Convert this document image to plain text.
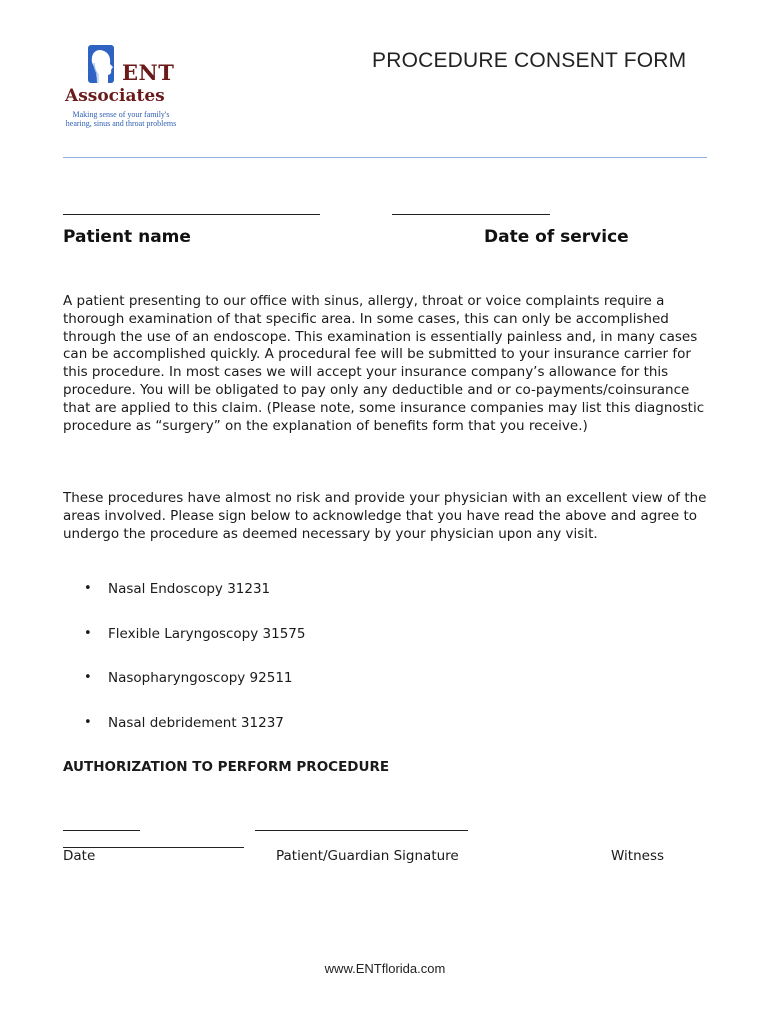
ENT
Associates
Making sense of your family's hearing, sinus and throat problems
PROCEDURE CONSENT FORM
Patient name	Date of service
A patient presenting to our office with sinus, allergy, throat or voice complaints require a thorough examination of that specific area. In some cases, this can only be accomplished through the use of an endoscope. This examination is essentially painless and, in many cases can be accomplished quickly. A procedural fee will be submitted to your insurance carrier for this procedure. In most cases we will accept your insurance company’s allowance for this procedure. You will be obligated to pay only any deductible and or co-payments/coinsurance that are applied to this claim. (Please note, some insurance companies may list this diagnostic procedure as “surgery” on the explanation of benefits form that you receive.)
These procedures have almost no risk and provide your physician with an excellent view of the areas involved. Please sign below to acknowledge that you have read the above and agree to undergo the procedure as deemed necessary by your physician upon any visit.
• Nasal Endoscopy 31231
• Flexible Laryngoscopy 31575
• Nasopharyngoscopy 92511
• Nasal debridement 31237
AUTHORIZATION TO PERFORM PROCEDURE
Date	Patient/Guardian Signature	Witness
www.ENTflorida.com
